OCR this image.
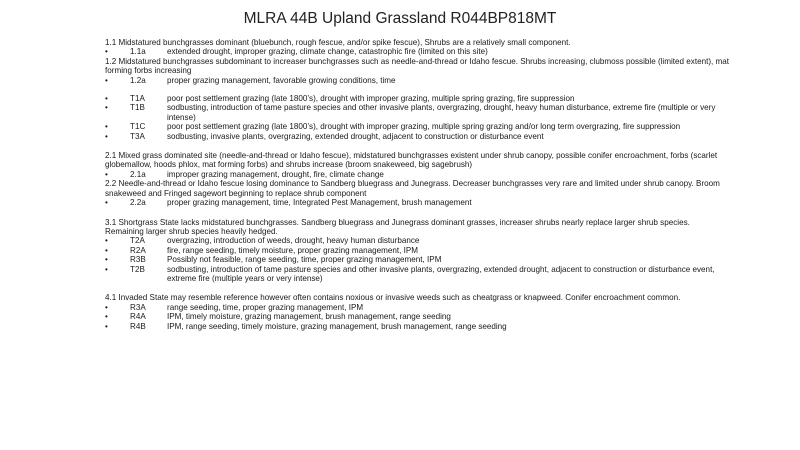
MLRA 44B Upland Grassland R044BP818MT

1.1 Midstatured bunchgrasses dominant (bluebunch, rough fescue, and/or spike fescue), Shrubs are a relatively small component.

•	1.1a	extended drought, improper grazing, climate change, catastrophic fire (limited on this site)

1.2 Midstatured bunchgrasses subdominant to increaser bunchgrasses such as needle-and-thread or Idaho fescue. Shrubs increasing, clubmoss possible (limited extent), mat forming forbs increasing

•	1.2a	proper grazing management, favorable growing conditions, time
•	T1A	poor post settlement grazing (late 1800’s), drought with improper grazing, multiple spring grazing, fire suppression
•	T1B	sodbusting, introduction of tame pasture species and other invasive plants, overgrazing, drought, heavy human disturbance, extreme fire (multiple or very intense)
•	T1C	poor post settlement grazing (late 1800’s), drought with improper grazing, multiple spring grazing and/or long term overgrazing, fire suppression
•	T3A	sodbusting, invasive plants, overgrazing, extended drought, adjacent to construction or disturbance event

2.1 Mixed grass dominated site (needle-and-thread or Idaho fescue), midstatured bunchgrasses existent under shrub canopy, possible conifer encroachment, forbs (scarlet globemallow, hoods phlox, mat forming forbs) and shrubs increase (broom snakeweed, big sagebrush)

•	2.1a	improper grazing management, drought, fire, climate change

2.2 Needle-and-thread or Idaho fescue losing dominance to Sandberg bluegrass and Junegrass. Decreaser bunchgrasses very rare and limited under shrub canopy. Broom snakeweed and Fringed sagewort beginning to replace shrub component

•	2.2a	proper grazing management, time, Integrated Pest Management, brush management

3.1 Shortgrass State lacks midstatured bunchgrasses. Sandberg bluegrass and Junegrass dominant grasses, increaser shrubs nearly replace larger shrub species. Remaining larger shrub species heavily hedged.

•	T2A	overgrazing, introduction of weeds, drought, heavy human disturbance
•	R2A	fire, range seeding, timely moisture, proper grazing management, IPM
•	R3B	Possibly not feasible, range seeding, time, proper grazing management, IPM
•	T2B	sodbusting, introduction of tame pasture species and other invasive plants, overgrazing, extended drought, adjacent to construction or disturbance event, extreme fire (multiple years or very intense)

4.1 Invaded State may resemble reference however often contains noxious or invasive weeds such as cheatgrass or knapweed. Conifer encroachment common.

•	R3A	range seeding, time, proper grazing management, IPM
•	R4A	IPM, timely moisture, grazing management, brush management, range seeding
•	R4B	IPM, range seeding, timely moisture, grazing management, brush management, range seeding
